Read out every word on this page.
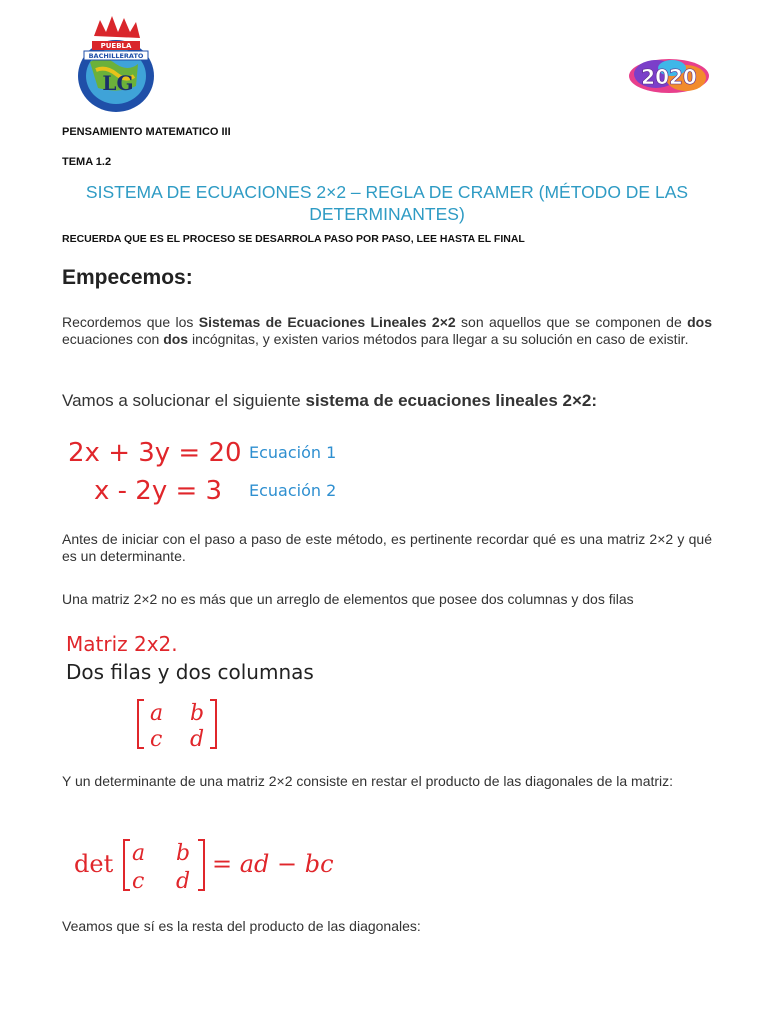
PUEBLA
BACHILLERATO
LG	2020
PENSAMIENTO MATEMATICO III
TEMA 1.2
SISTEMA DE ECUACIONES 2×2 – REGLA DE CRAMER (MÉTODO DE LAS DETERMINANTES)
RECUERDA QUE ES EL PROCESO SE DESARROLA PASO POR PASO, LEE HASTA EL FINAL
Empecemos:
Recordemos que los Sistemas de Ecuaciones Lineales 2×2 son aquellos que se componen de dos ecuaciones con dos incógnitas, y existen varios métodos para llegar a su solución en caso de existir.
Vamos a solucionar el siguiente sistema de ecuaciones lineales 2×2:
2x + 3y = 20
x - 2y = 3
Ecuación 1
Ecuación 2
Antes de iniciar con el paso a paso de este método, es pertinente recordar qué es una matriz 2×2 y qué es un determinante.
Una matriz 2×2 no es más que un arreglo de elementos que posee dos columnas y dos filas
Matriz 2x2.
Dos filas y dos columnas
a b
c d
Y un determinante de una matriz 2×2 consiste en restar el producto de las diagonales de la matriz:
det a b
c d
= ad − bc
Veamos que sí es la resta del producto de las diagonales:
